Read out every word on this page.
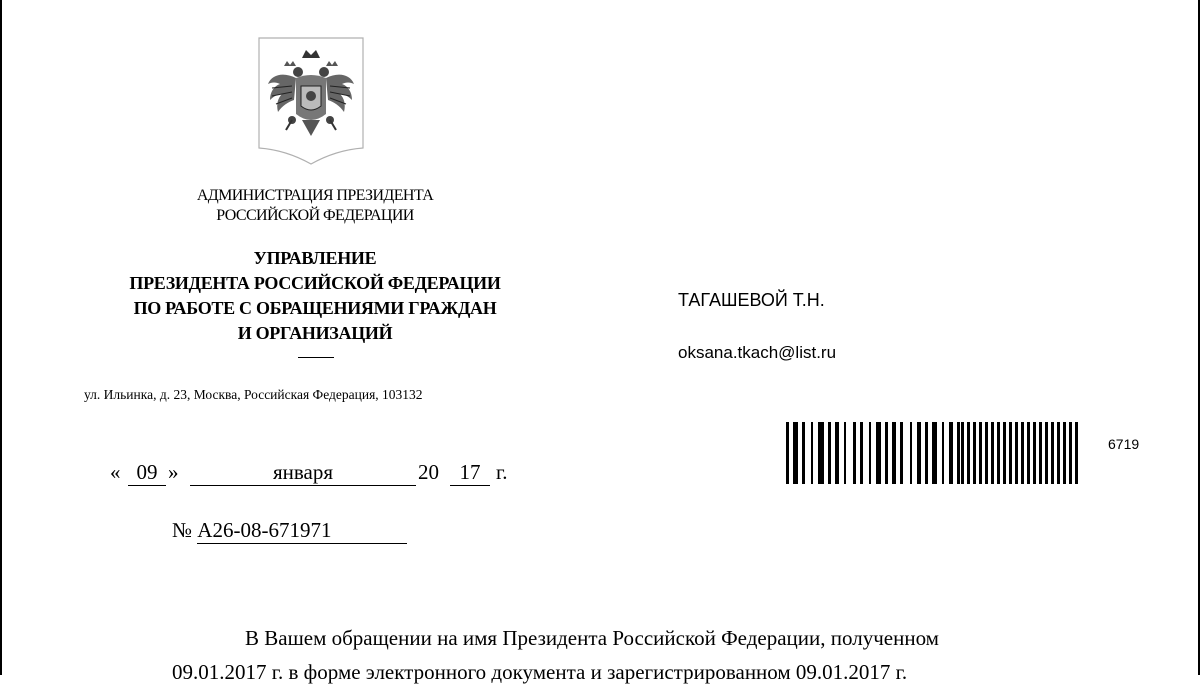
АДМИНИСТРАЦИЯ ПРЕЗИДЕНТА
РОССИЙСКОЙ ФЕДЕРАЦИИ
УПРАВЛЕНИЕ
ПРЕЗИДЕНТА РОССИЙСКОЙ ФЕДЕРАЦИИ
ПО РАБОТЕ С ОБРАЩЕНИЯМИ ГРАЖДАН
И ОРГАНИЗАЦИЙ
ул. Ильинка, д. 23, Москва, Российская Федерация, 103132
« 09 »	января	20 17 г.
№ А26-08-671971
ТАГАШЕВОЙ Т.Н.
oksana.tkach@list.ru
6719
В Вашем обращении на имя Президента Российской Федерации, полученном
09.01.2017 г. в форме электронного документа и зарегистрированном 09.01.2017 г.
